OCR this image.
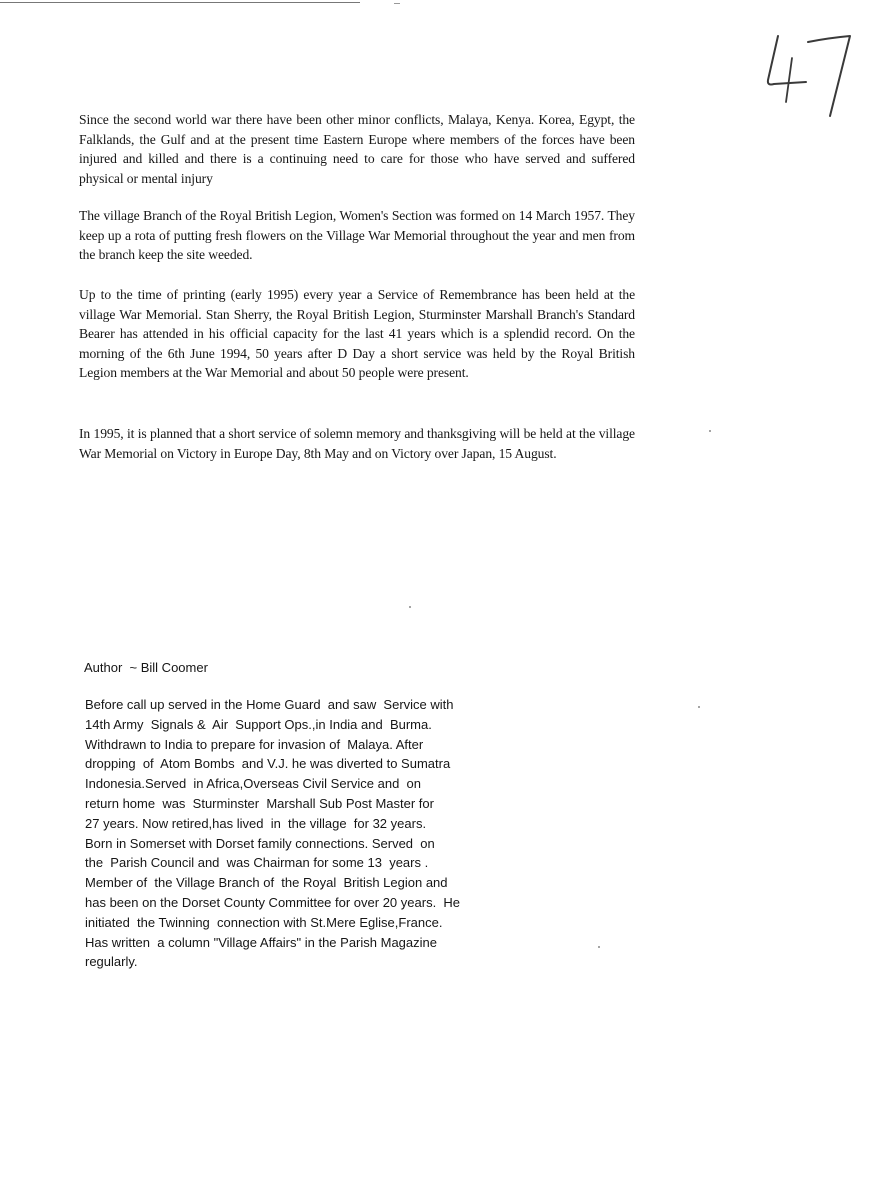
Since the second world war there have been other minor conflicts, Malaya, Kenya. Korea, Egypt, the Falklands, the Gulf and at the present time Eastern Europe where members of the forces have been injured and killed and there is a continuing need to care for those who have served and suffered physical or mental injury

The village Branch of the Royal British Legion, Women's Section was formed on 14 March 1957. They keep up a rota of putting fresh flowers on the Village War Memorial throughout the year and men from the branch keep the site weeded.

Up to the time of printing (early 1995) every year a Service of Remembrance has been held at the village War Memorial. Stan Sherry, the Royal British Legion, Sturminster Marshall Branch's Standard Bearer has attended in his official capacity for the last 41 years which is a splendid record. On the morning of the 6th June 1994, 50 years after D Day a short service was held by the Royal British Legion members at the War Memorial and about 50 people were present.

In 1995, it is planned that a short service of solemn memory and thanksgiving will be held at the village War Memorial on Victory in Europe Day, 8th May and on Victory over Japan, 15 August.

Author  ~ Bill Coomer
Before call up served in the Home Guard  and saw  Service with
14th Army  Signals &  Air  Support Ops.,in India and  Burma.
Withdrawn to India to prepare for invasion of  Malaya. After
dropping  of  Atom Bombs  and V.J. he was diverted to Sumatra
Indonesia.Served  in Africa,Overseas Civil Service and  on
return home  was  Sturminster  Marshall Sub Post Master for
27 years. Now retired,has lived  in  the village  for 32 years.
Born in Somerset with Dorset family connections. Served  on
the  Parish Council and  was Chairman for some 13  years .
Member of  the Village Branch of  the Royal  British Legion and
has been on the Dorset County Committee for over 20 years.  He
initiated  the Twinning  connection with St.Mere Eglise,France.
Has written  a column "Village Affairs" in the Parish Magazine
regularly.
